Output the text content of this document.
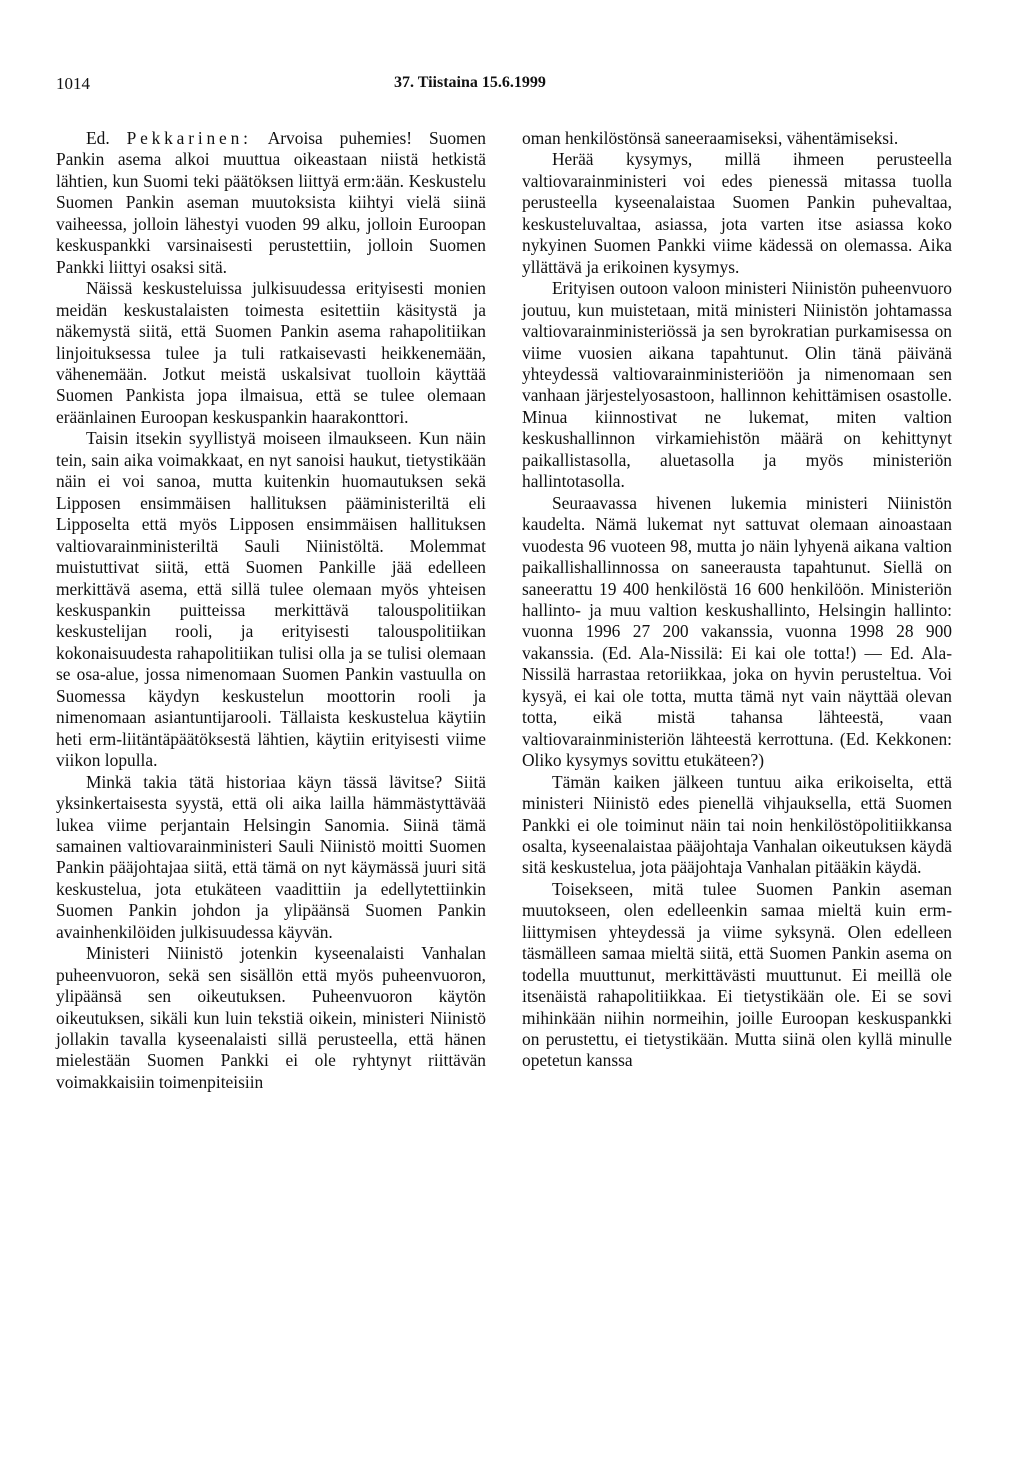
1014	37. Tiistaina 15.6.1999

Ed. Pekkarinen: Arvoisa puhemies! Suomen Pankin asema alkoi muuttua oikeastaan niistä hetkistä lähtien, kun Suomi teki päätöksen liittyä erm:ään. Keskustelu Suomen Pankin aseman muutoksista kiihtyi vielä siinä vaiheessa, jolloin lähestyi vuoden 99 alku, jolloin Euroopan keskuspankki varsinaisesti perustettiin, jolloin Suomen Pankki liittyi osaksi sitä.

Näissä keskusteluissa julkisuudessa erityisesti monien meidän keskustalaisten toimesta esitettiin käsitystä ja näkemystä siitä, että Suomen Pankin asema rahapolitiikan linjoituksessa tulee ja tuli ratkaisevasti heikkenemään, vähenemään. Jotkut meistä uskalsivat tuolloin käyttää Suomen Pankista jopa ilmaisua, että se tulee olemaan eräänlainen Euroopan keskuspankin haarakonttori.

Taisin itsekin syyllistyä moiseen ilmaukseen. Kun näin tein, sain aika voimakkaat, en nyt sanoisi haukut, tietystikään näin ei voi sanoa, mutta kuitenkin huomautuksen sekä Lipposen ensimmäisen hallituksen pääministeriltä eli Lipposelta että myös Lipposen ensimmäisen hallituksen valtiovarainministeriltä Sauli Niinistöltä. Molemmat muistuttivat siitä, että Suomen Pankille jää edelleen merkittävä asema, että sillä tulee olemaan myös yhteisen keskuspankin puitteissa merkittävä talouspolitiikan keskustelijan rooli, ja erityisesti talouspolitiikan kokonaisuudesta rahapolitiikan tulisi olla ja se tulisi olemaan se osa-alue, jossa nimenomaan Suomen Pankin vastuulla on Suomessa käydyn keskustelun moottorin rooli ja nimenomaan asiantuntijarooli. Tällaista keskustelua käytiin heti erm-liitäntäpäätöksestä lähtien, käytiin erityisesti viime viikon lopulla.

Minkä takia tätä historiaa käyn tässä lävitse? Siitä yksinkertaisesta syystä, että oli aika lailla hämmästyttävää lukea viime perjantain Helsingin Sanomia. Siinä tämä samainen valtiovarainministeri Sauli Niinistö moitti Suomen Pankin pääjohtajaa siitä, että tämä on nyt käymässä juuri sitä keskustelua, jota etukäteen vaadittiin ja edellytettiinkin Suomen Pankin johdon ja ylipäänsä Suomen Pankin avainhenkilöiden julkisuudessa käyvän.

Ministeri Niinistö jotenkin kyseenalaisti Vanhalan puheenvuoron, sekä sen sisällön että myös puheenvuoron, ylipäänsä sen oikeutuksen. Puheenvuoron käytön oikeutuksen, sikäli kun luin tekstiä oikein, ministeri Niinistö jollakin tavalla kyseenalaisti sillä perusteella, että hänen mielestään Suomen Pankki ei ole ryhtynyt riittävän voimakkaisiin toimenpiteisiin

oman henkilöstönsä saneeraamiseksi, vähentämiseksi.

Herää kysymys, millä ihmeen perusteella valtiovarainministeri voi edes pienessä mitassa tuolla perusteella kyseenalaistaa Suomen Pankin puhevaltaa, keskusteluvaltaa, asiassa, jota varten itse asiassa koko nykyinen Suomen Pankki viime kädessä on olemassa. Aika yllättävä ja erikoinen kysymys.

Erityisen outoon valoon ministeri Niinistön puheenvuoro joutuu, kun muistetaan, mitä ministeri Niinistön johtamassa valtiovarainministeriössä ja sen byrokratian purkamisessa on viime vuosien aikana tapahtunut. Olin tänä päivänä yhteydessä valtiovarainministeriöön ja nimenomaan sen vanhaan järjestelyosastoon, hallinnon kehittämisen osastolle. Minua kiinnostivat ne lukemat, miten valtion keskushallinnon virkamiehistön määrä on kehittynyt paikallistasolla, aluetasolla ja myös ministeriön hallintotasolla.

Seuraavassa hivenen lukemia ministeri Niinistön kaudelta. Nämä lukemat nyt sattuvat olemaan ainoastaan vuodesta 96 vuoteen 98, mutta jo näin lyhyenä aikana valtion paikallishallinnossa on saneerausta tapahtunut. Siellä on saneerattu 19 400 henkilöstä 16 600 henkilöön. Ministeriön hallinto- ja muu valtion keskushallinto, Helsingin hallinto: vuonna 1996 27 200 vakanssia, vuonna 1998 28 900 vakanssia. (Ed. Ala-Nissilä: Ei kai ole totta!) — Ed. Ala-Nissilä harrastaa retoriikkaa, joka on hyvin perusteltua. Voi kysyä, ei kai ole totta, mutta tämä nyt vain näyttää olevan totta, eikä mistä tahansa lähteestä, vaan valtiovarainministeriön lähteestä kerrottuna. (Ed. Kekkonen: Oliko kysymys sovittu etukäteen?)

Tämän kaiken jälkeen tuntuu aika erikoiselta, että ministeri Niinistö edes pienellä vihjauksella, että Suomen Pankki ei ole toiminut näin tai noin henkilöstöpolitiikkansa osalta, kyseenalaistaa pääjohtaja Vanhalan oikeutuksen käydä sitä keskustelua, jota pääjohtaja Vanhalan pitääkin käydä.

Toisekseen, mitä tulee Suomen Pankin aseman muutokseen, olen edelleenkin samaa mieltä kuin erm-liittymisen yhteydessä ja viime syksynä. Olen edelleen täsmälleen samaa mieltä siitä, että Suomen Pankin asema on todella muuttunut, merkittävästi muuttunut. Ei meillä ole itsenäistä rahapolitiikkaa. Ei tietystikään ole. Ei se sovi mihinkään niihin normeihin, joille Euroopan keskuspankki on perustettu, ei tietystikään. Mutta siinä olen kyllä minulle opetetun kanssa
